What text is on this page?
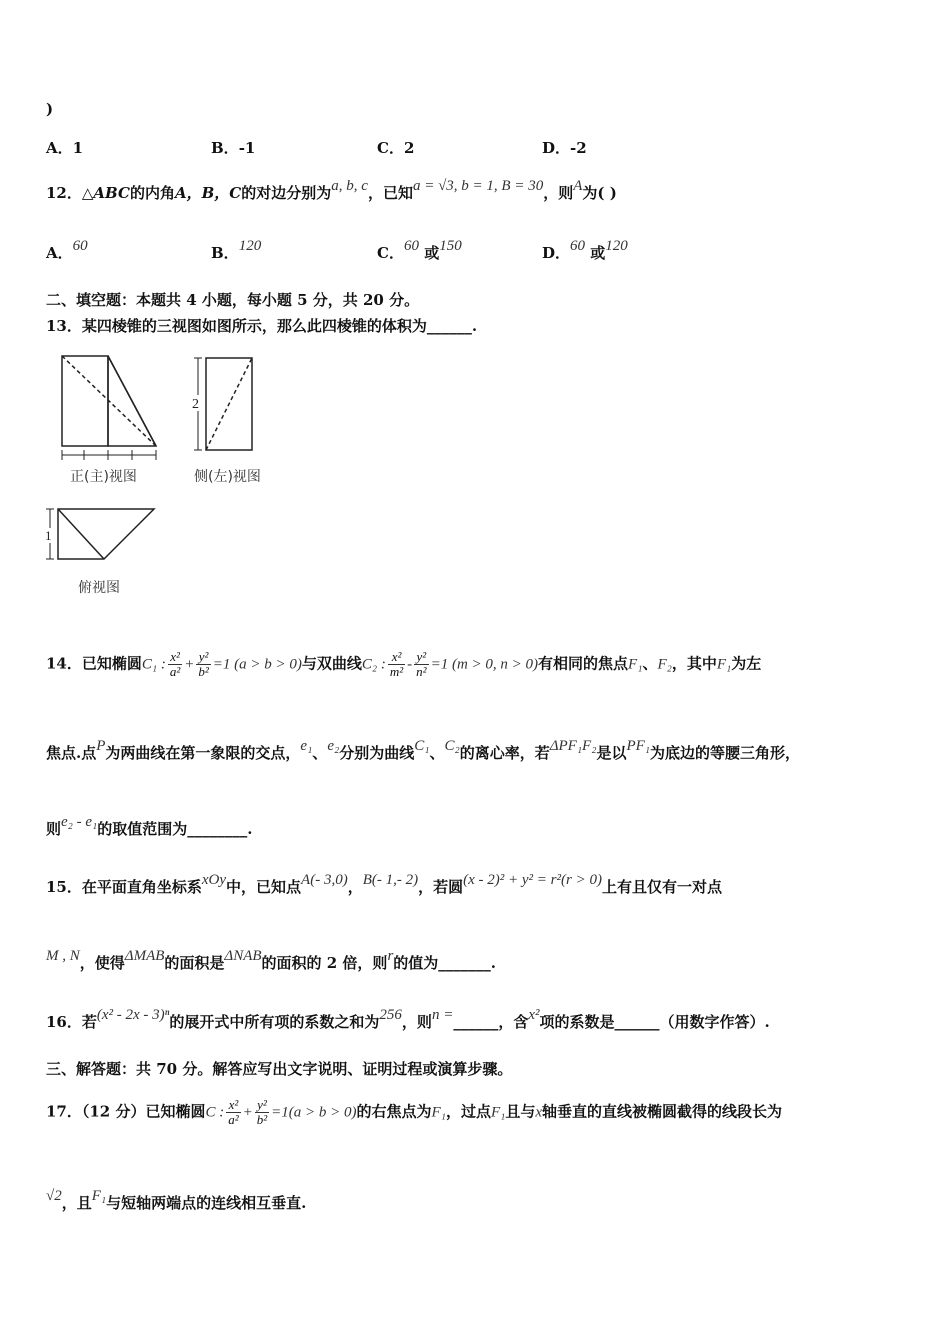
)
A．1	B．-1	C．2	D．-2
12．△ABC的内角A，B，C的对边分别为a, b, c，已知a = √3, b = 1, B = 30，则A为( )
A．60	B．120	C．60 或150	D．60 或120
二、填空题：本题共 4 小题，每小题 5 分，共 20 分。
13．某四棱锥的三视图如图所示，那么此四棱锥的体积为______.
正(主)视图
2
侧(左)视图
1
俯视图
14．已知椭圆C₁ : $\frac{\text{x²}}{\text{a²}} + \frac{\text{y²}}{\text{b²}} =1$ (a > b > 0)与双曲线C₂ : $\frac{\text{x²}}{\text{m²}} - \frac{\text{y²}}{\text{n²}} =1$ (m > 0, n > 0)有相同的焦点F₁、F₂，其中F₁为左
焦点.点P为两曲线在第一象限的交点，e₁、e₂分别为曲线C₁、C₂的离心率，若ΔPF₁F₂是以PF₁为底边的等腰三角形，
则e₂ - e₁的取值范围为________.
15．在平面直角坐标系xOy中，已知点A(- 3,0)，B(- 1,- 2)，若圆(x - 2)² + y² = r²(r > 0)上有且仅有一对点
M , N，使得ΔMAB的面积是ΔNAB的面积的 2 倍，则r的值为_______.
16．若(x² - 2x - 3)ⁿ的展开式中所有项的系数之和为256，则n =______，含x²项的系数是______（用数字作答）.
三、解答题：共 70 分。解答应写出文字说明、证明过程或演算步骤。
17．（12 分）已知椭圆C : $\frac{\text{x²}}{\text{a²}} + \frac{\text{y²}}{\text{b²}} =1(a > b > 0)$的右焦点为F₁，过点F₁且与x轴垂直的直线被椭圆截得的线段长为
√2，且F₁与短轴两端点的连线相互垂直.
